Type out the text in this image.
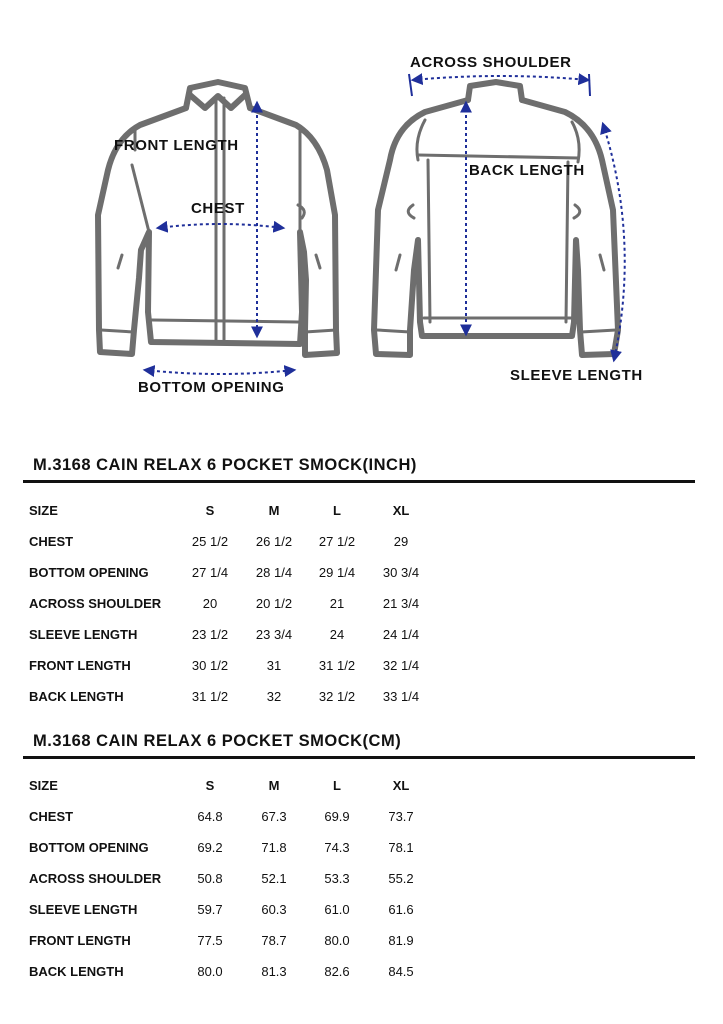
FRONT LENGTH
CHEST
BOTTOM OPENING
ACROSS SHOULDER
BACK LENGTH
SLEEVE LENGTH
M.3168 CAIN RELAX 6 POCKET SMOCK(INCH)
SIZE	S	M	L	XL
CHEST	25 1/2	26 1/2	27 1/2	29
BOTTOM OPENING	27 1/4	28 1/4	29 1/4	30 3/4
ACROSS SHOULDER	20	20 1/2	21	21 3/4
SLEEVE LENGTH	23 1/2	23 3/4	24	24 1/4
FRONT LENGTH	30 1/2	31	31 1/2	32 1/4
BACK LENGTH	31 1/2	32	32 1/2	33 1/4
M.3168 CAIN RELAX 6 POCKET SMOCK(CM)
SIZE	S	M	L	XL
CHEST	64.8	67.3	69.9	73.7
BOTTOM OPENING	69.2	71.8	74.3	78.1
ACROSS SHOULDER	50.8	52.1	53.3	55.2
SLEEVE LENGTH	59.7	60.3	61.0	61.6
FRONT LENGTH	77.5	78.7	80.0	81.9
BACK LENGTH	80.0	81.3	82.6	84.5
